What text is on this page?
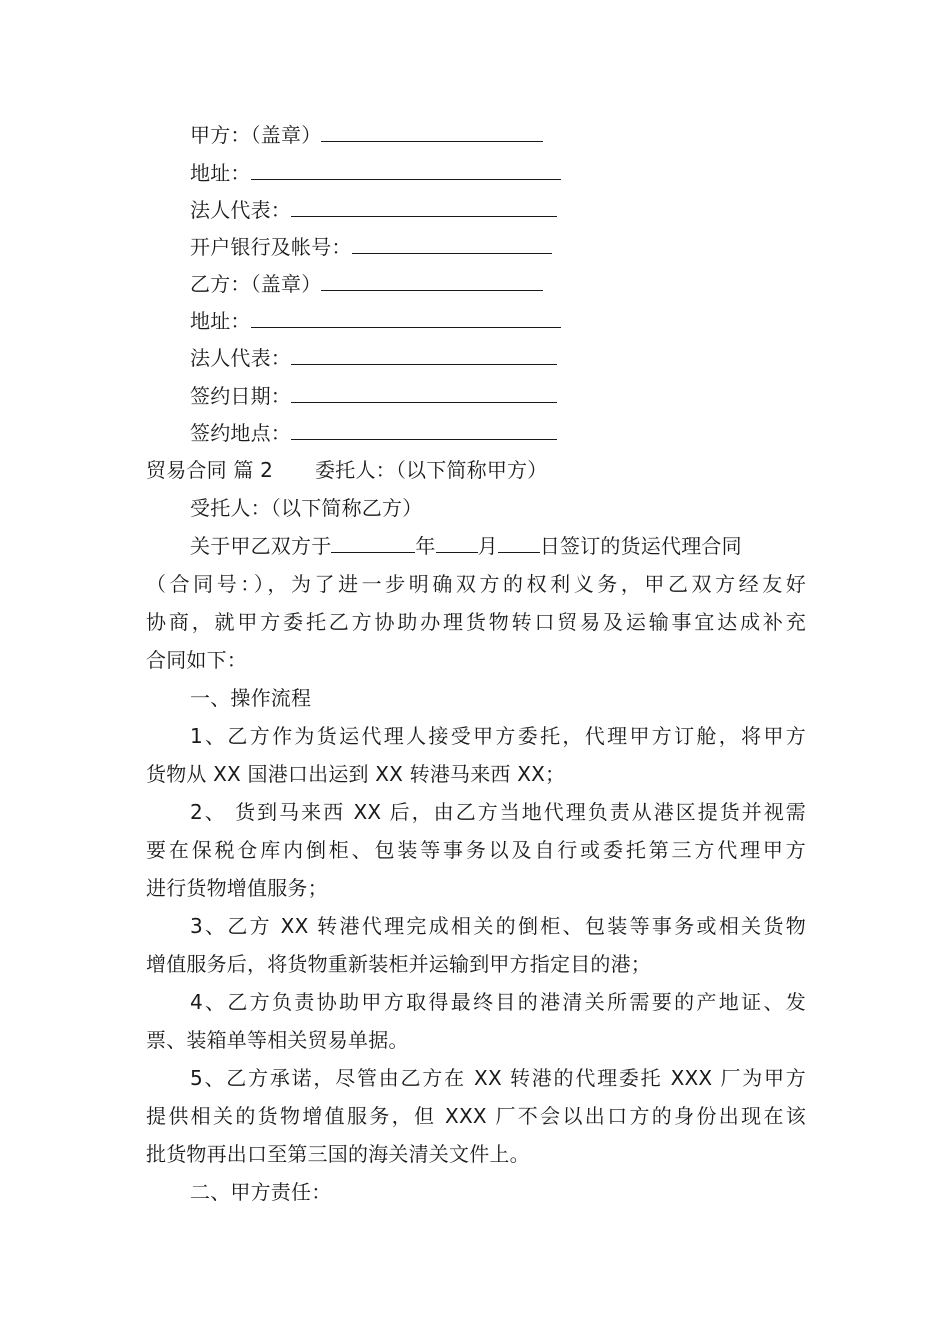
甲方：（盖章）
地址：
法人代表：
开户银行及帐号：
乙方：（盖章）
地址：
法人代表：
签约日期：
签约地点：
贸易合同 篇 2 委托人：（以下简称甲方）
受托人：（以下简称乙方）
关于甲乙双方于	年 月 日签订的货运代理合同
（合同号：），为了进一步明确双方的权利义务，甲乙双方经友好
协商，就甲方委托乙方协助办理货物转口贸易及运输事宜达成补充
合同如下：
一、操作流程
1、乙方作为货运代理人接受甲方委托，代理甲方订舱，将甲方
货物从 XX 国港口出运到 XX 转港马来西 XX；
2、 货到马来西 XX 后，由乙方当地代理负责从港区提货并视需
要在保税仓库内倒柜、包装等事务以及自行或委托第三方代理甲方
进行货物增值服务；
3、乙方 XX 转港代理完成相关的倒柜、包装等事务或相关货物
增值服务后，将货物重新装柜并运输到甲方指定目的港；
4、乙方负责协助甲方取得最终目的港清关所需要的产地证、发
票、装箱单等相关贸易单据。
5、乙方承诺，尽管由乙方在 XX 转港的代理委托 XXX 厂为甲方
提供相关的货物增值服务，但 XXX 厂不会以出口方的身份出现在该
批货物再出口至第三国的海关清关文件上。
二、甲方责任：
